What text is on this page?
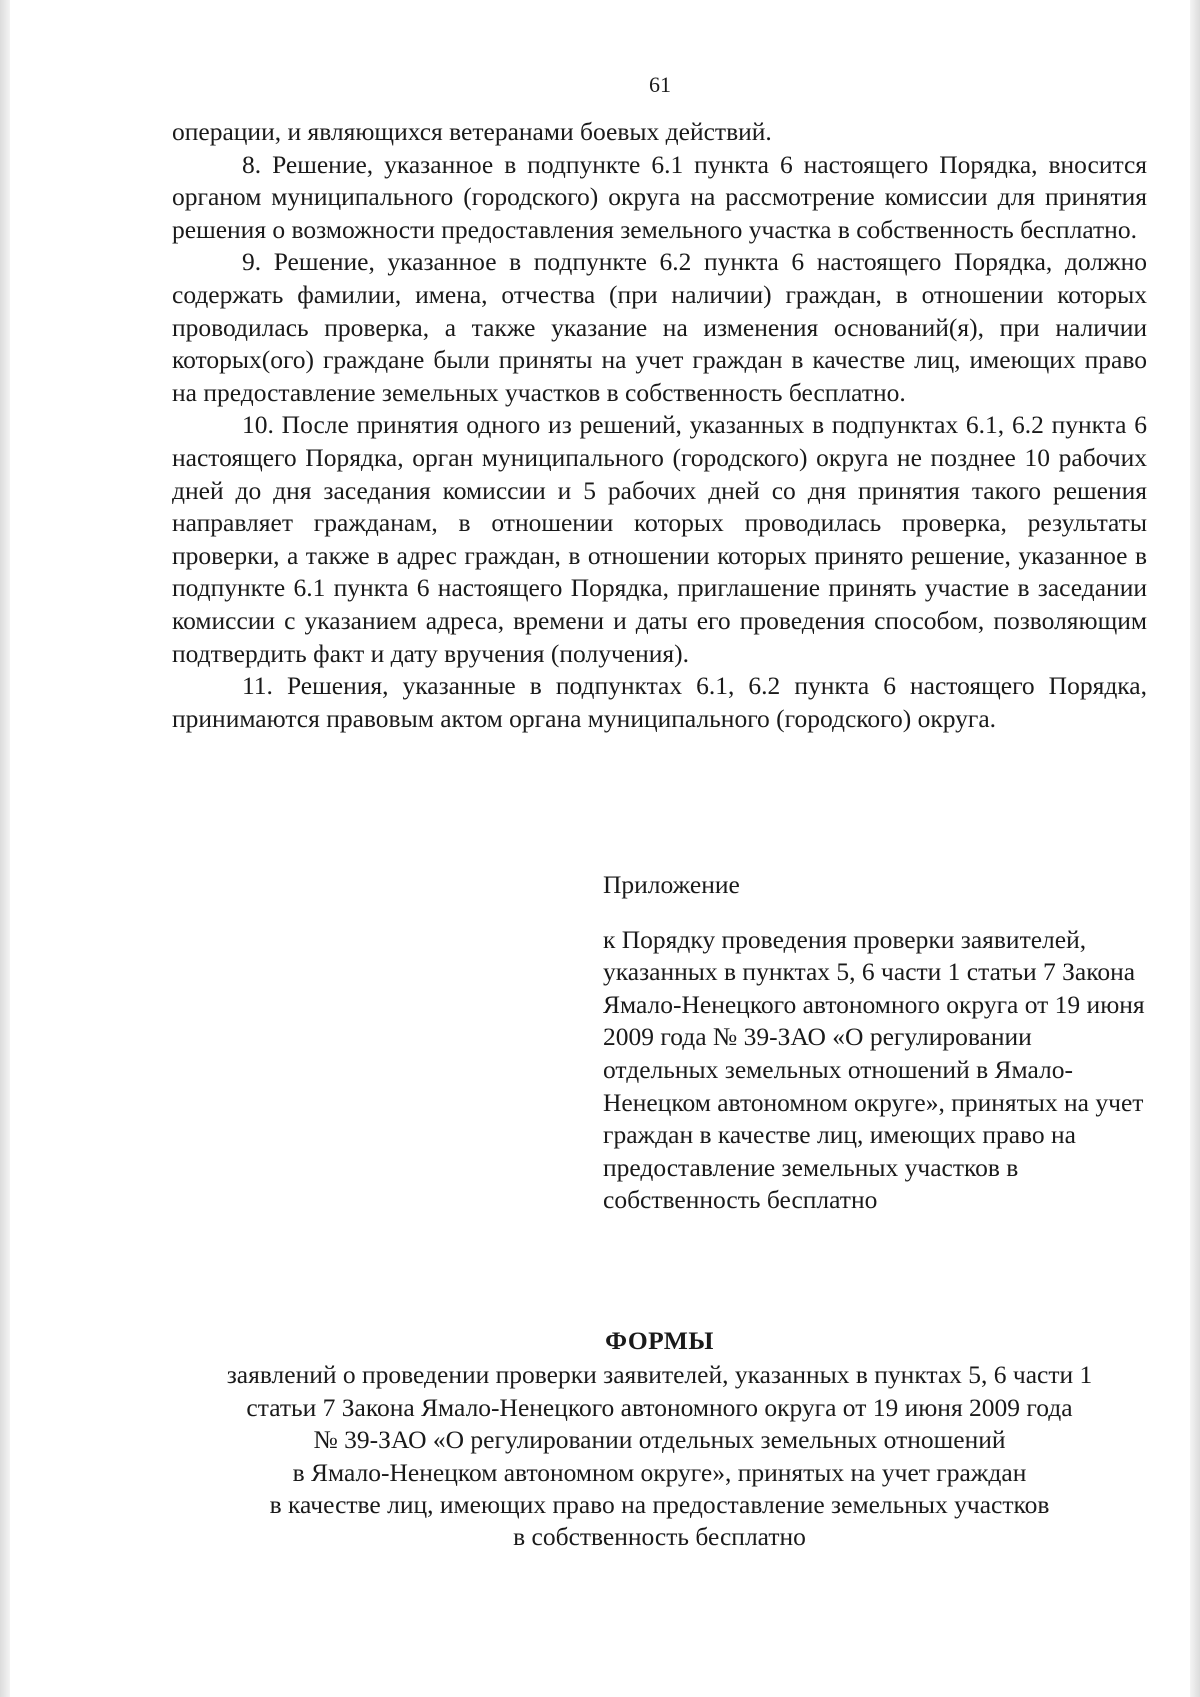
61

операции, и являющихся ветеранами боевых действий.

8. Решение, указанное в подпункте 6.1 пункта 6 настоящего Порядка, вносится органом муниципального (городского) округа на рассмотрение комиссии для принятия решения о возможности предоставления земельного участка в собственность бесплатно.

9. Решение, указанное в подпункте 6.2 пункта 6 настоящего Порядка, должно содержать фамилии, имена, отчества (при наличии) граждан, в отношении которых проводилась проверка, а также указание на изменения оснований(я), при наличии которых(ого) граждане были приняты на учет граждан в качестве лиц, имеющих право на предоставление земельных участков в собственность бесплатно.

10. После принятия одного из решений, указанных в подпунктах 6.1, 6.2 пункта 6 настоящего Порядка, орган муниципального (городского) округа не позднее 10 рабочих дней до дня заседания комиссии и 5 рабочих дней со дня принятия такого решения направляет гражданам, в отношении которых проводилась проверка, результаты проверки, а также в адрес граждан, в отношении которых принято решение, указанное в подпункте 6.1 пункта 6 настоящего Порядка, приглашение принять участие в заседании комиссии с указанием адреса, времени и даты его проведения способом, позволяющим подтвердить факт и дату вручения (получения).

11. Решения, указанные в подпунктах 6.1, 6.2 пункта 6 настоящего Порядка, принимаются правовым актом органа муниципального (городского) округа.

Приложение

к Порядку проведения проверки заявителей, указанных в пунктах 5, 6 части 1 статьи 7 Закона Ямало-Ненецкого автономного округа от 19 июня 2009 года № 39-ЗАО «О регулировании отдельных земельных отношений в Ямало-Ненецком автономном округе», принятых на учет граждан в качестве лиц, имеющих право на предоставление земельных участков в собственность бесплатно

ФОРМЫ
заявлений о проведении проверки заявителей, указанных в пунктах 5, 6 части 1
статьи 7 Закона Ямало-Ненецкого автономного округа от 19 июня 2009 года
№ 39-ЗАО «О регулировании отдельных земельных отношений
в Ямало-Ненецком автономном округе», принятых на учет граждан
в качестве лиц, имеющих право на предоставление земельных участков
в собственность бесплатно
